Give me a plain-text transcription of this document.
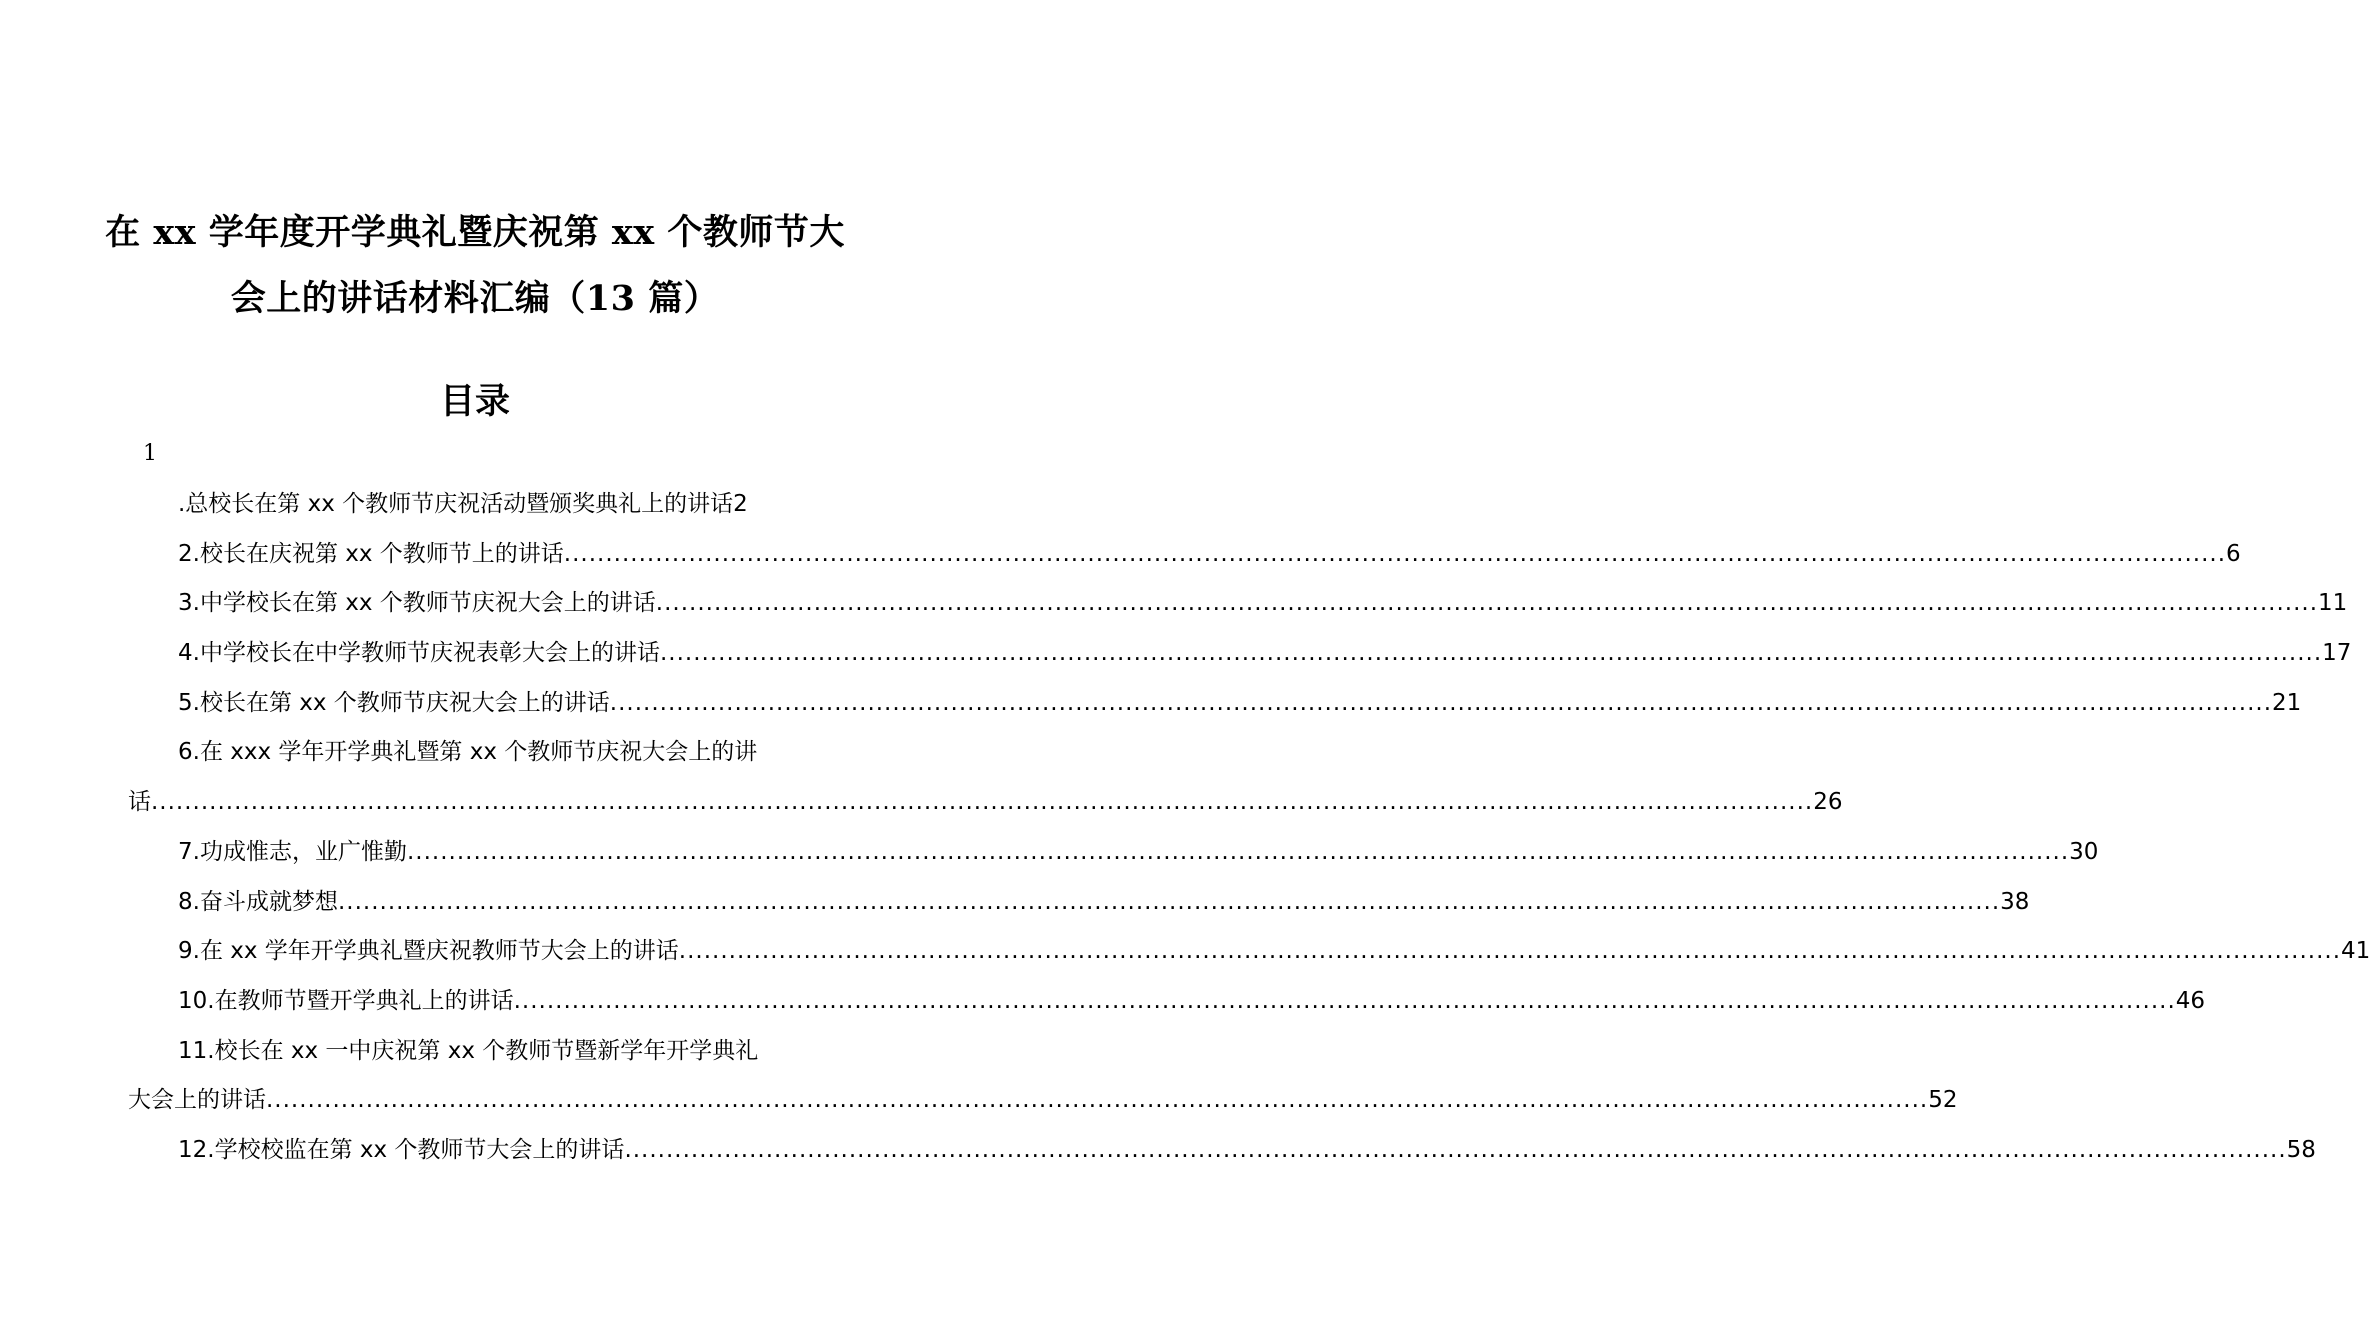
在 xx 学年度开学典礼暨庆祝第 xx 个教师节大
会上的讲话材料汇编（13 篇）
目录
1
.总校长在第 xx 个教师节庆祝活动暨颁奖典礼上的讲话 2
2.校长在庆祝第 xx 个教师节上的讲话 ........................................................................................................................................................................................................ 6
3.中学校长在第 xx 个教师节庆祝大会上的讲话 ........................................................................................................................................................................................................ 11
4.中学校长在中学教师节庆祝表彰大会上的讲话 ........................................................................................................................................................................................................ 17
5.校长在第 xx 个教师节庆祝大会上的讲话 ........................................................................................................................................................................................................ 21
6.在 xxx 学年开学典礼暨第 xx 个教师节庆祝大会上的讲
话 ........................................................................................................................................................................................................ 26
7.功成惟志，业广惟勤 ........................................................................................................................................................................................................ 30
8.奋斗成就梦想 ........................................................................................................................................................................................................ 38
9.在 xx 学年开学典礼暨庆祝教师节大会上的讲话 ........................................................................................................................................................................................................ 41
10.在教师节暨开学典礼上的讲话 ........................................................................................................................................................................................................ 46
11.校长在 xx 一中庆祝第 xx 个教师节暨新学年开学典礼
大会上的讲话 ........................................................................................................................................................................................................ 52
12.学校校监在第 xx 个教师节大会上的讲话 ........................................................................................................................................................................................................ 58
